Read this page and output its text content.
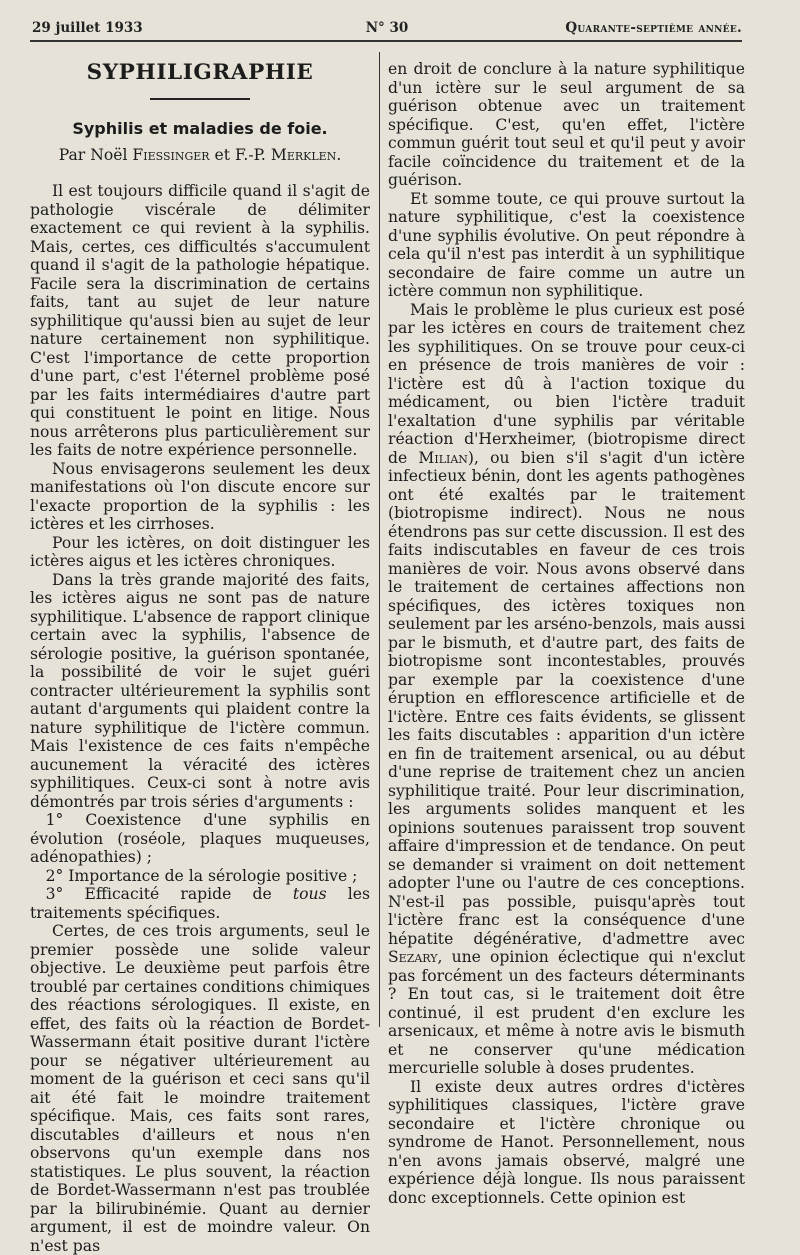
29 juillet 1933	N° 30	Quarante-septième année.
SYPHILIGRAPHIE
Syphilis et maladies de foie.
Par Noël Fiessinger et F.-P. Merklen.

Il est toujours difficile quand il s'agit de pathologie viscérale de délimiter exactement ce qui revient à la syphilis. Mais, certes, ces difficultés s'accumulent quand il s'agit de la pathologie hépatique. Facile sera la discrimination de certains faits, tant au sujet de leur nature syphilitique qu'aussi bien au sujet de leur nature certainement non syphilitique. C'est l'importance de cette proportion d'une part, c'est l'éternel problème posé par les faits intermédiaires d'autre part qui constituent le point en litige. Nous nous arrêterons plus particulièrement sur les faits de notre expérience personnelle.

Nous envisagerons seulement les deux manifestations où l'on discute encore sur l'exacte proportion de la syphilis : les ictères et les cirrhoses.

Pour les ictères, on doit distinguer les ictères aigus et les ictères chroniques.

Dans la très grande majorité des faits, les ictères aigus ne sont pas de nature syphilitique. L'absence de rapport clinique certain avec la syphilis, l'absence de sérologie positive, la guérison spontanée, la possibilité de voir le sujet guéri contracter ultérieurement la syphilis sont autant d'arguments qui plaident contre la nature syphilitique de l'ictère commun. Mais l'existence de ces faits n'empêche aucunement la véracité des ictères syphilitiques. Ceux-ci sont à notre avis démontrés par trois séries d'arguments :

 1° Coexistence d'une syphilis en évolution (roséole, plaques muqueuses, adénopathies) ;

 2° Importance de la sérologie positive ;

 3° Efficacité rapide de tous les traitements spécifiques.

Certes, de ces trois arguments, seul le premier possède une solide valeur objective. Le deuxième peut parfois être troublé par certaines conditions chimiques des réactions sérologiques. Il existe, en effet, des faits où la réaction de Bordet-Wassermann était positive durant l'ictère pour se négativer ultérieurement au moment de la guérison et ceci sans qu'il ait été fait le moindre traitement spécifique. Mais, ces faits sont rares, discutables d'ailleurs et nous n'en observons qu'un exemple dans nos statistiques. Le plus souvent, la réaction de Bordet-Wassermann n'est pas troublée par la bilirubinémie. Quant au dernier argument, il est de moindre valeur. On n'est pas

en droit de conclure à la nature syphilitique d'un ictère sur le seul argument de sa guérison obtenue avec un traitement spécifique. C'est, qu'en effet, l'ictère commun guérit tout seul et qu'il peut y avoir facile coïncidence du traitement et de la guérison.

Et somme toute, ce qui prouve surtout la nature syphilitique, c'est la coexistence d'une syphilis évolutive. On peut répondre à cela qu'il n'est pas interdit à un syphilitique secondaire de faire comme un autre un ictère commun non syphilitique.

Mais le problème le plus curieux est posé par les ictères en cours de traitement chez les syphilitiques. On se trouve pour ceux-ci en présence de trois manières de voir : l'ictère est dû à l'action toxique du médicament, ou bien l'ictère traduit l'exaltation d'une syphilis par véritable réaction d'Herxheimer, (biotropisme direct de Milian), ou bien s'il s'agit d'un ictère infectieux bénin, dont les agents pathogènes ont été exaltés par le traitement (biotropisme indirect). Nous ne nous étendrons pas sur cette discussion. Il est des faits indiscutables en faveur de ces trois manières de voir. Nous avons observé dans le traitement de certaines affections non spécifiques, des ictères toxiques non seulement par les arséno-benzols, mais aussi par le bismuth, et d'autre part, des faits de biotropisme sont incontestables, prouvés par exemple par la coexistence d'une éruption en efflorescence artificielle et de l'ictère. Entre ces faits évidents, se glissent les faits discutables : apparition d'un ictère en fin de traitement arsenical, ou au début d'une reprise de traitement chez un ancien syphilitique traité. Pour leur discrimination, les arguments solides manquent et les opinions soutenues paraissent trop souvent affaire d'impression et de tendance. On peut se demander si vraiment on doit nettement adopter l'une ou l'autre de ces conceptions. N'est-il pas possible, puisqu'après tout l'ictère franc est la conséquence d'une hépatite dégénérative, d'admettre avec Sezary, une opinion éclectique qui n'exclut pas forcément un des facteurs déterminants ? En tout cas, si le traitement doit être continué, il est prudent d'en exclure les arsenicaux, et même à notre avis le bismuth et ne conserver qu'une médication mercurielle soluble à doses prudentes.

Il existe deux autres ordres d'ictères syphilitiques classiques, l'ictère grave secondaire et l'ictère chronique ou syndrome de Hanot. Personnellement, nous n'en avons jamais observé, malgré une expérience déjà longue. Ils nous paraissent donc exceptionnels. Cette opinion est
